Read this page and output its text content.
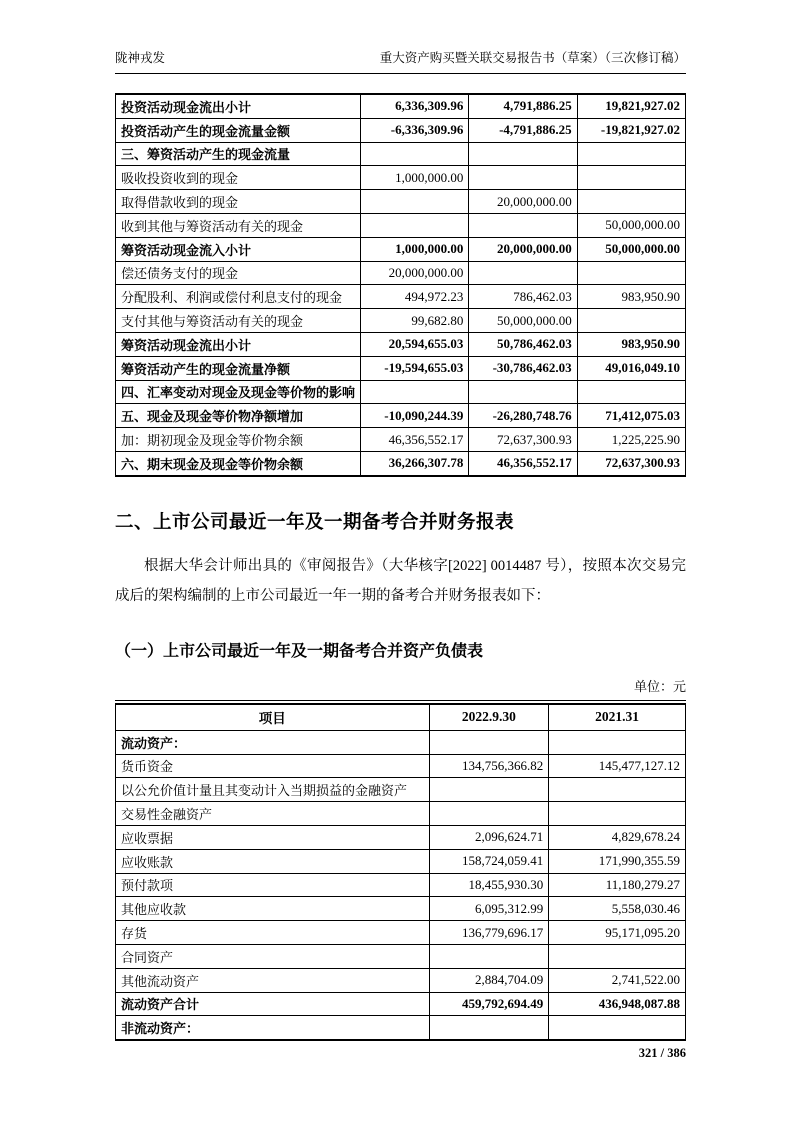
陇神戎发	重大资产购买暨关联交易报告书（草案）（三次修订稿）
投资活动现金流出小计	6,336,309.96	4,791,886.25	19,821,927.02
投资活动产生的现金流量金额	-6,336,309.96	-4,791,886.25	-19,821,927.02
三、筹资活动产生的现金流量			
吸收投资收到的现金	1,000,000.00		
取得借款收到的现金		20,000,000.00	
收到其他与筹资活动有关的现金			50,000,000.00
筹资活动现金流入小计	1,000,000.00	20,000,000.00	50,000,000.00
偿还债务支付的现金	20,000,000.00		
分配股利、利润或偿付利息支付的现金	494,972.23	786,462.03	983,950.90
支付其他与筹资活动有关的现金	99,682.80	50,000,000.00	
筹资活动现金流出小计	20,594,655.03	50,786,462.03	983,950.90
筹资活动产生的现金流量净额	-19,594,655.03	-30,786,462.03	49,016,049.10
四、汇率变动对现金及现金等价物的影响			
五、现金及现金等价物净额增加	-10,090,244.39	-26,280,748.76	71,412,075.03
加：期初现金及现金等价物余额	46,356,552.17	72,637,300.93	1,225,225.90
六、期末现金及现金等价物余额	36,266,307.78	46,356,552.17	72,637,300.93
二、上市公司最近一年及一期备考合并财务报表
根据大华会计师出具的《审阅报告》（大华核字[2022] 0014487 号），按照本次交易完成后的架构编制的上市公司最近一年一期的备考合并财务报表如下：
（一）上市公司最近一年及一期备考合并资产负债表
单位：元
项目	2022.9.30	2021.31
流动资产：		
货币资金	134,756,366.82	145,477,127.12
以公允价值计量且其变动计入当期损益的金融资产		
交易性金融资产		
应收票据	2,096,624.71	4,829,678.24
应收账款	158,724,059.41	171,990,355.59
预付款项	18,455,930.30	11,180,279.27
其他应收款	6,095,312.99	5,558,030.46
存货	136,779,696.17	95,171,095.20
合同资产		
其他流动资产	2,884,704.09	2,741,522.00
流动资产合计	459,792,694.49	436,948,087.88
非流动资产：		
321 / 386
